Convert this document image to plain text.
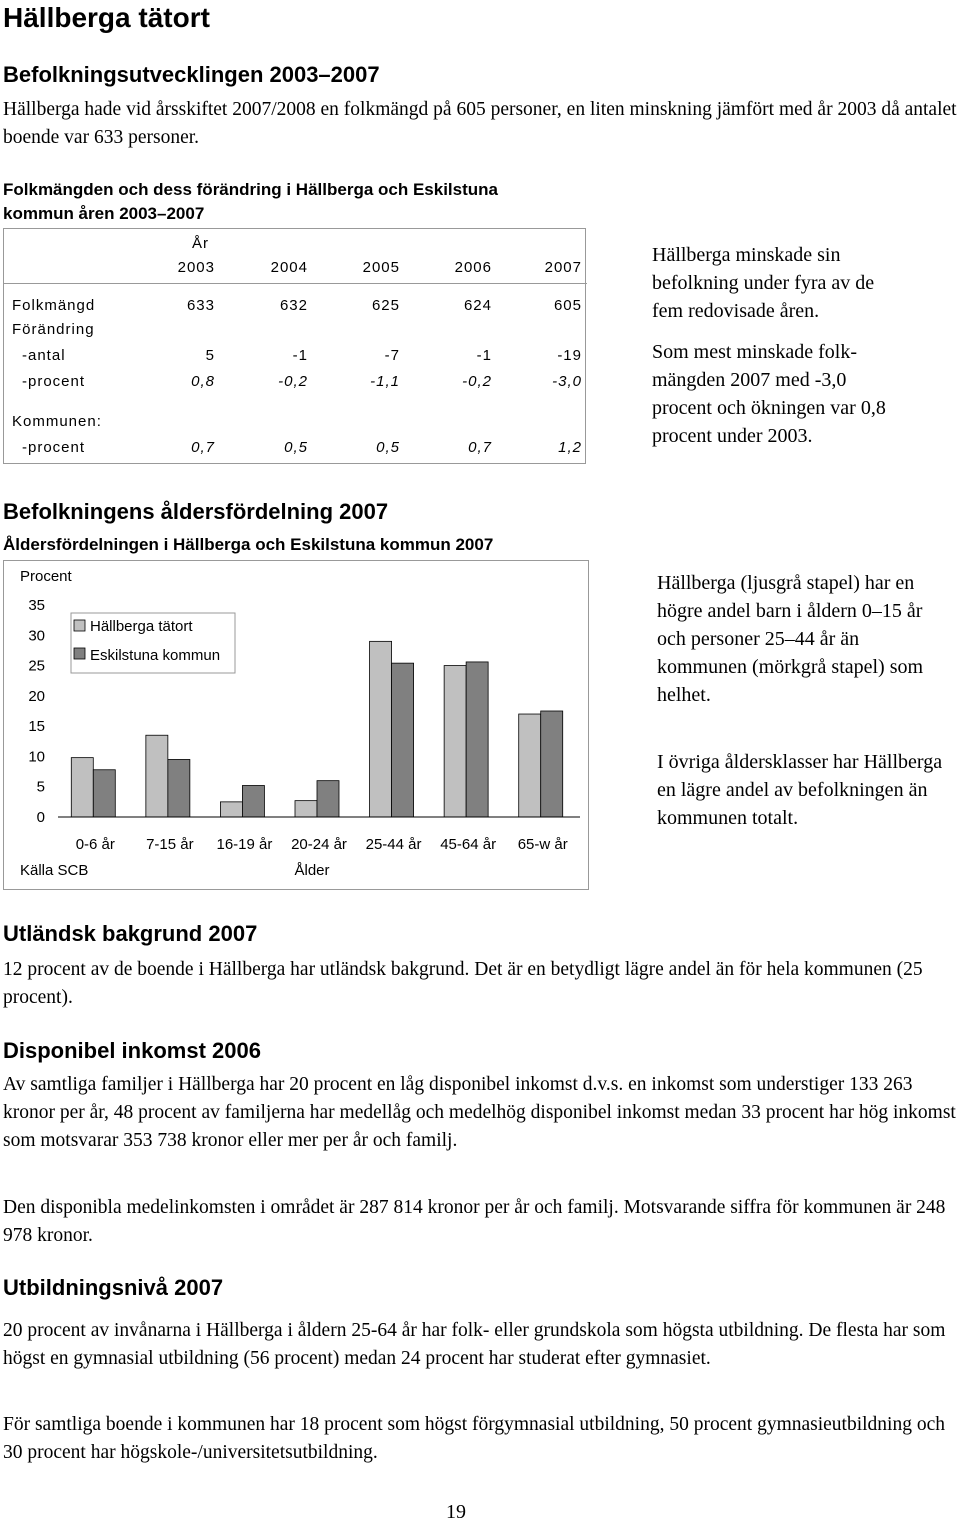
Hällberga tätort
Befolkningsutvecklingen 2003–2007

Hällberga hade vid årsskiftet 2007/2008 en folkmängd på 605 personer, en liten minskning jämfört med år 2003 då antalet boende var 633 personer.

Folkmängden och dess förändring i Hällberga och Eskilstuna
kommun åren 2003–2007
År
2003	2004	2005	2006	2007
Folkmängd	633	632	625	624	605
Förändring
-antal	5	-1	-7	-1	-19
-procent	0,8	-0,2	-1,1	-0,2	-3,0
Kommunen:
-procent	0,7	0,5	0,5	0,7	1,2

Hällberga minskade sin befolkning under fyra av de fem redovisade åren.

Som mest minskade folk-mängden 2007 med -3,0 procent och ökningen var 0,8 procent under 2003.

Befolkningens åldersfördelning 2007
Åldersfördelningen i Hällberga och Eskilstuna kommun 2007
Procent
0
5
10
15
20
25
30
35
0-6 år 7-15 år 16-19 år 20-24 år 25-44 år 45-64 år 65-w år
Hällberga tätort
Eskilstuna kommun
Ålder
Källa SCB

Hällberga (ljusgrå stapel) har en högre andel barn i åldern 0–15 år och personer 25–44 år än kommunen (mörkgrå stapel) som helhet.

I övriga åldersklasser har Hällberga en lägre andel av befolkningen än kommunen totalt.

Utländsk bakgrund 2007

12 procent av de boende i Hällberga har utländsk bakgrund. Det är en betydligt lägre andel än för hela kommunen (25 procent).

Disponibel inkomst 2006

Av samtliga familjer i Hällberga har 20 procent en låg disponibel inkomst d.v.s. en inkomst som understiger 133 263 kronor per år, 48 procent av familjerna har medellåg och medelhög disponibel inkomst medan 33 procent har hög inkomst som motsvarar 353 738 kronor eller mer per år och familj.

Den disponibla medelinkomsten i området är 287 814 kronor per år och familj. Motsvarande siffra för kommunen är 248 978 kronor.

Utbildningsnivå 2007

20 procent av invånarna i Hällberga i åldern 25-64 år har folk- eller grundskola som högsta utbildning. De flesta har som högst en gymnasial utbildning (56 procent) medan 24 procent har studerat efter gymnasiet.

För samtliga boende i kommunen har 18 procent som högst förgymnasial utbildning, 50 procent gymnasieutbildning och 30 procent har högskole-/universitetsutbildning.

19
